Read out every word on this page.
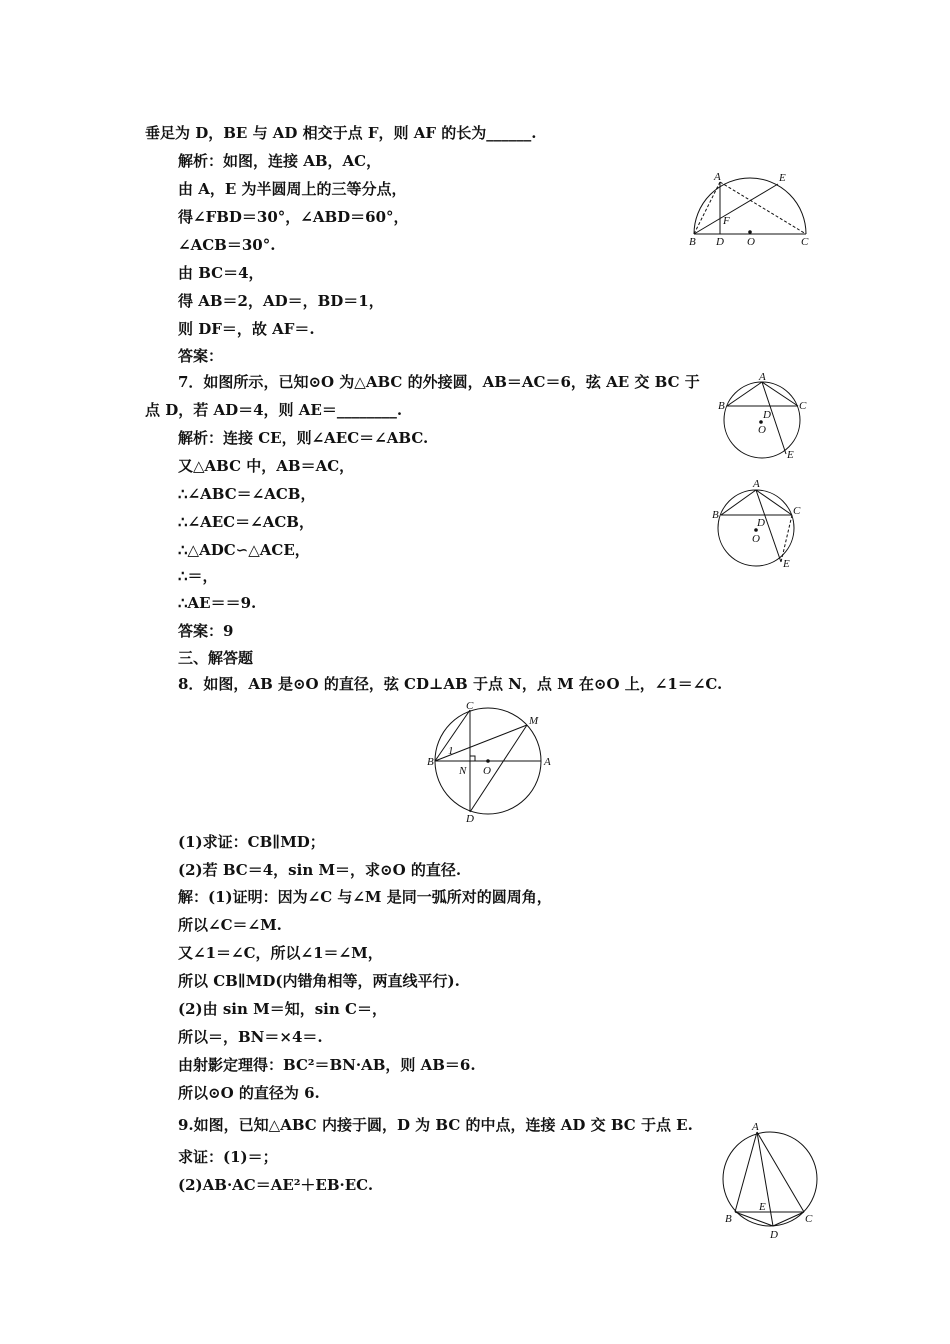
垂足为 D，BE 与 AD 相交于点 F，则 AF 的长为______.
解析：如图，连接 AB，AC，
由 A，E 为半圆周上的三等分点，
得∠FBD＝30°，∠ABD＝60°，
∠ACB＝30°.
由 BC＝4，
得 AB＝2，AD＝，BD＝1，
则 DF＝，故 AF＝.
答案：
7．如图所示，已知⊙O 为△ABC 的外接圆，AB＝AC＝6，弦 AE 交 BC 于
点 D，若 AD＝4，则 AE＝________.
解析：连接 CE，则∠AEC＝∠ABC.
又△ABC 中，AB＝AC，
∴∠ABC＝∠ACB，
∴∠AEC＝∠ACB，
∴△ADC∽△ACE，
∴＝，
∴AE＝＝9.
答案：9
三、解答题
8．如图，AB 是⊙O 的直径，弦 CD⊥AB 于点 N，点 M 在⊙O 上，∠1＝∠C.
(1)求证：CB∥MD；
(2)若 BC＝4，sin M＝，求⊙O 的直径.
解：(1)证明：因为∠C 与∠M 是同一弧所对的圆周角，
所以∠C＝∠M.
又∠1＝∠C，所以∠1＝∠M，
所以 CB∥MD(内错角相等，两直线平行).
(2)由 sin M＝知，sin C＝，
所以＝，BN＝×4＝.
由射影定理得：BC²＝BN·AB，则 AB＝6.
所以⊙O 的直径为 6.
9.如图，已知△ABC 内接于圆，D 为 BC 的中点，连接 AD 交 BC 于点 E.
求证：(1)＝；
(2)AB·AC＝AE²＋EB·EC.
A	E
F
B D O	C
A
B	C
D
O
E
A
B	C
D
O
E
C
M
1
B
N O
A
D
A
B
E
C
D
